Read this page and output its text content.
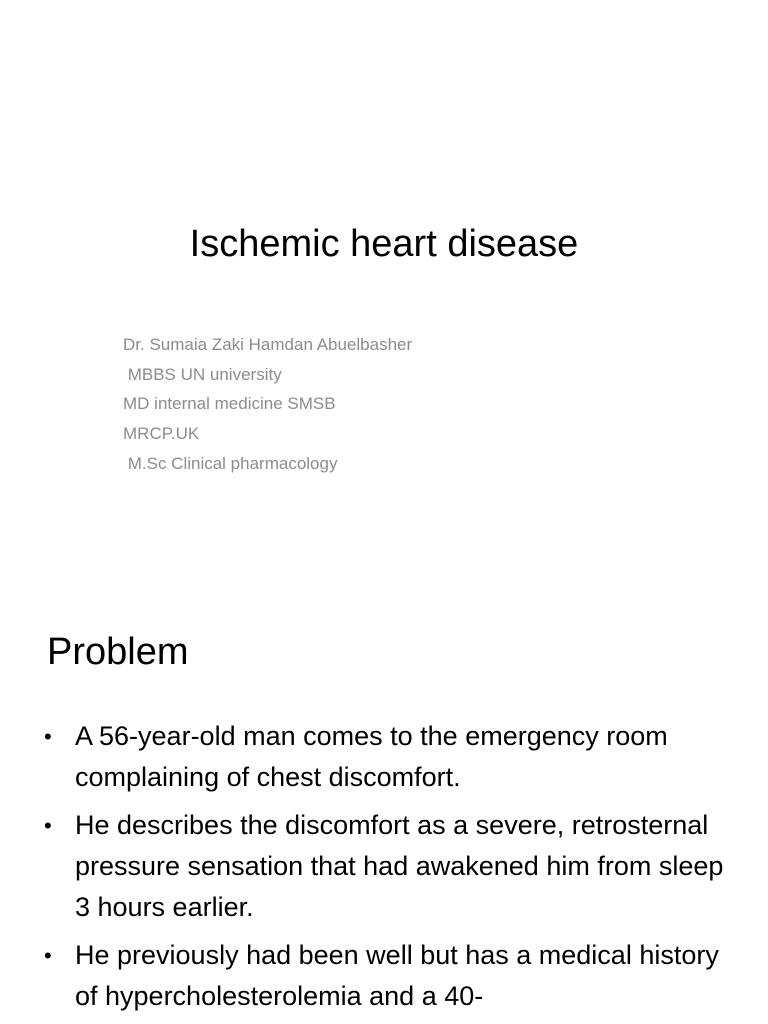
Ischemic heart disease
Dr. Sumaia Zaki Hamdan Abuelbasher
MBBS UN university
MD internal medicine SMSB
MRCP.UK
M.Sc Clinical pharmacology
Problem
• A 56-year-old man comes to the emergency room complaining of chest discomfort.
• He describes the discomfort as a severe, retrosternal pressure sensation that had awakened him from sleep 3 hours earlier.
• He previously had been well but has a medical history of hypercholesterolemia and a 40-
